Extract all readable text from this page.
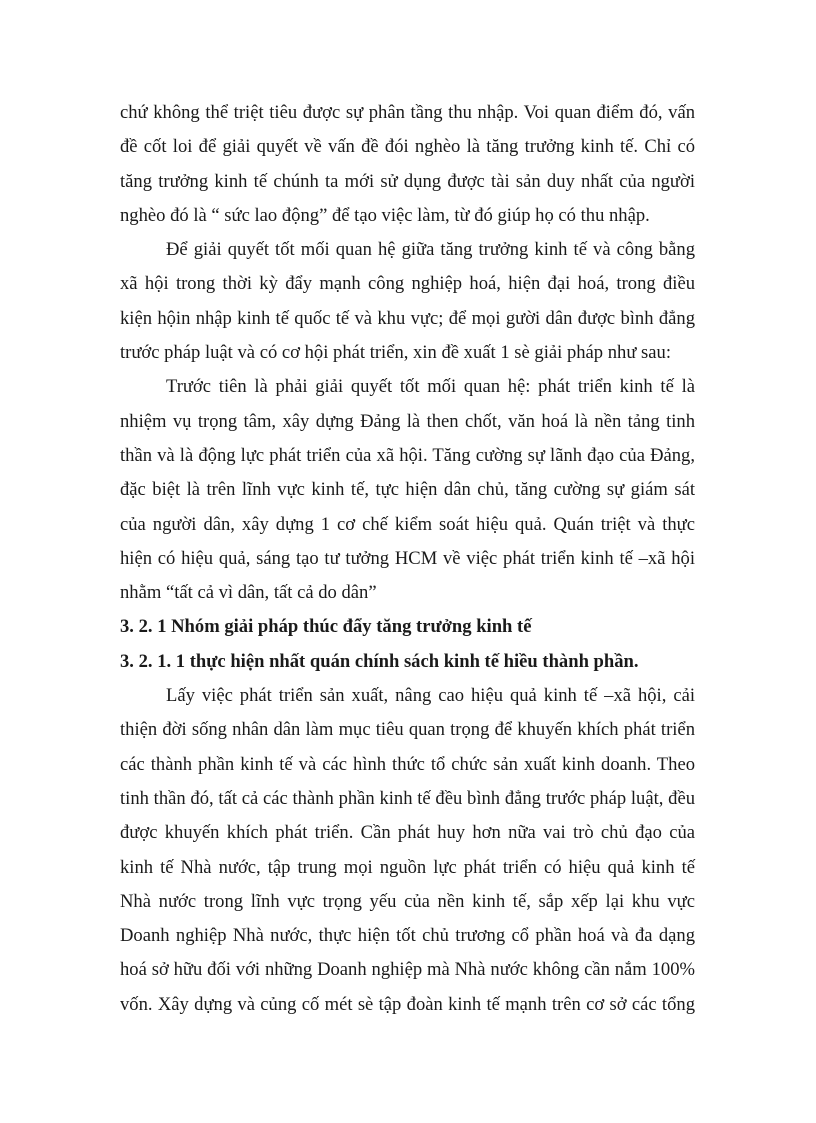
chứ không thể triệt tiêu được sự phân tầng thu nhập. Voi quan điểm đó, vấn
đề cốt loi để giải quyết về vấn đề đói nghèo là tăng trưởng kinh tế. Chỉ có
tăng trưởng kinh tế chúnh ta mới sử dụng được tài sản duy nhất của người
nghèo đó là “ sức lao động” để tạo việc làm, từ đó giúp họ có thu nhập.
Để giải quyết tốt mối quan hệ giữa tăng trưởng kinh tế và công bằng
xã hội trong thời kỳ đẩy mạnh công nghiệp hoá, hiện đại hoá, trong điều
kiện hộin nhập kinh tế quốc tế và khu vực; để mọi gười dân được bình đẳng
trước pháp luật và có cơ hội phát triển, xin đề xuất 1 sè giải pháp như sau:
Trước tiên là phải giải quyết tốt mối quan hệ: phát triển kinh tế là
nhiệm vụ trọng tâm, xây dựng Đảng là then chốt, văn hoá là nền tảng tinh
thần và là động lực phát triển của xã hội. Tăng cường sự lãnh đạo của Đảng,
đặc biệt là trên lĩnh vực kinh tế, tực hiện dân chủ, tăng cường sự giám sát
của người dân, xây dựng 1 cơ chế kiểm soát hiệu quả. Quán triệt và thực
hiện có hiệu quả, sáng tạo tư tưởng HCM về việc phát triển kinh tế –xã hội
nhằm “tất cả vì dân, tất cả do dân”
3. 2. 1 Nhóm giải pháp thúc đẩy tăng trưởng kinh tế
3. 2. 1. 1 thực hiện nhất quán chính sách kinh tế hiều thành phần.
Lấy việc phát triển sản xuất, nâng cao hiệu quả kinh tế –xã hội, cải
thiện đời sống nhân dân làm mục tiêu quan trọng để khuyến khích phát triển
các thành phần kinh tế và các hình thức tổ chức sản xuất kinh doanh. Theo
tinh thần đó, tất cả các thành phần kinh tế đều bình đẳng trước pháp luật, đều
được khuyến khích phát triển. Cần phát huy hơn nữa vai trò chủ đạo của
kinh tế Nhà nước, tập trung mọi nguồn lực phát triển có hiệu quả kinh tế
Nhà nước trong lĩnh vực trọng yếu của nền kinh tế, sắp xếp lại khu vực
Doanh nghiệp Nhà nước, thực hiện tốt chủ trương cổ phần hoá và đa dạng
hoá sở hữu đối với những Doanh nghiệp mà Nhà nước không cần nắm 100%
vốn. Xây dựng và củng cố mét sè tập đoàn kinh tế mạnh trên cơ sở các tổng
